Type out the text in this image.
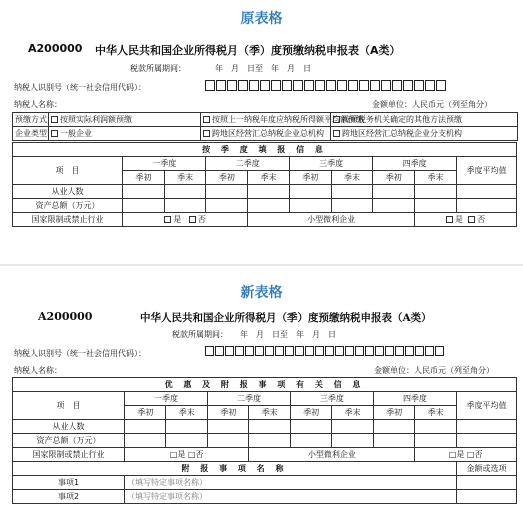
原表格
A200000 中华人民共和国企业所得税月（季）度预缴纳税申报表（A类）
税款所属期间：	年　月　日至　年　月　日
纳税人识别号（统一社会信用代码）：
纳税人名称：	金额单位：人民币元（列至角分）
预缴方式	按照实际利润额预缴	按照上一纳税年度应纳税所得额平均额预缴	按照税务机关确定的其他方法预缴
企业类型	一般企业	跨地区经营汇总纳税企业总机构	跨地区经营汇总纳税企业分支机构
按 季 度 填 报 信 息									
项　目	一季度		二季度		三季度		四季度		季度平均值
	季初	季末	季初	季末	季初	季末	季初	季末	
从业人数									
资产总额（万元）									
国家限制或禁止行业	是 否			小型微利企业				是 否	
新表格
A200000	中华人民共和国企业所得税月（季）度预缴纳税申报表（A类）
税款所属期间： 年　月　日至　年　月　日
纳税人识别号（统一社会信用代码）：
纳税人名称：	金额单位：人民币元（列至角分）
优 惠 及 附 报 事 项 有 关 信 息									
项　目	一季度		二季度		三季度		四季度		季度平均值
	季初	季末	季初	季末	季初	季末	季初	季末	
从业人数									
资产总额（万元）									
国家限制或禁止行业	□是 □否			小型微利企业				□是 □否	
附 报 事 项 名 称									金额或选项
事项1	（填写特定事项名称）								
事项2	（填写特定事项名称）								
